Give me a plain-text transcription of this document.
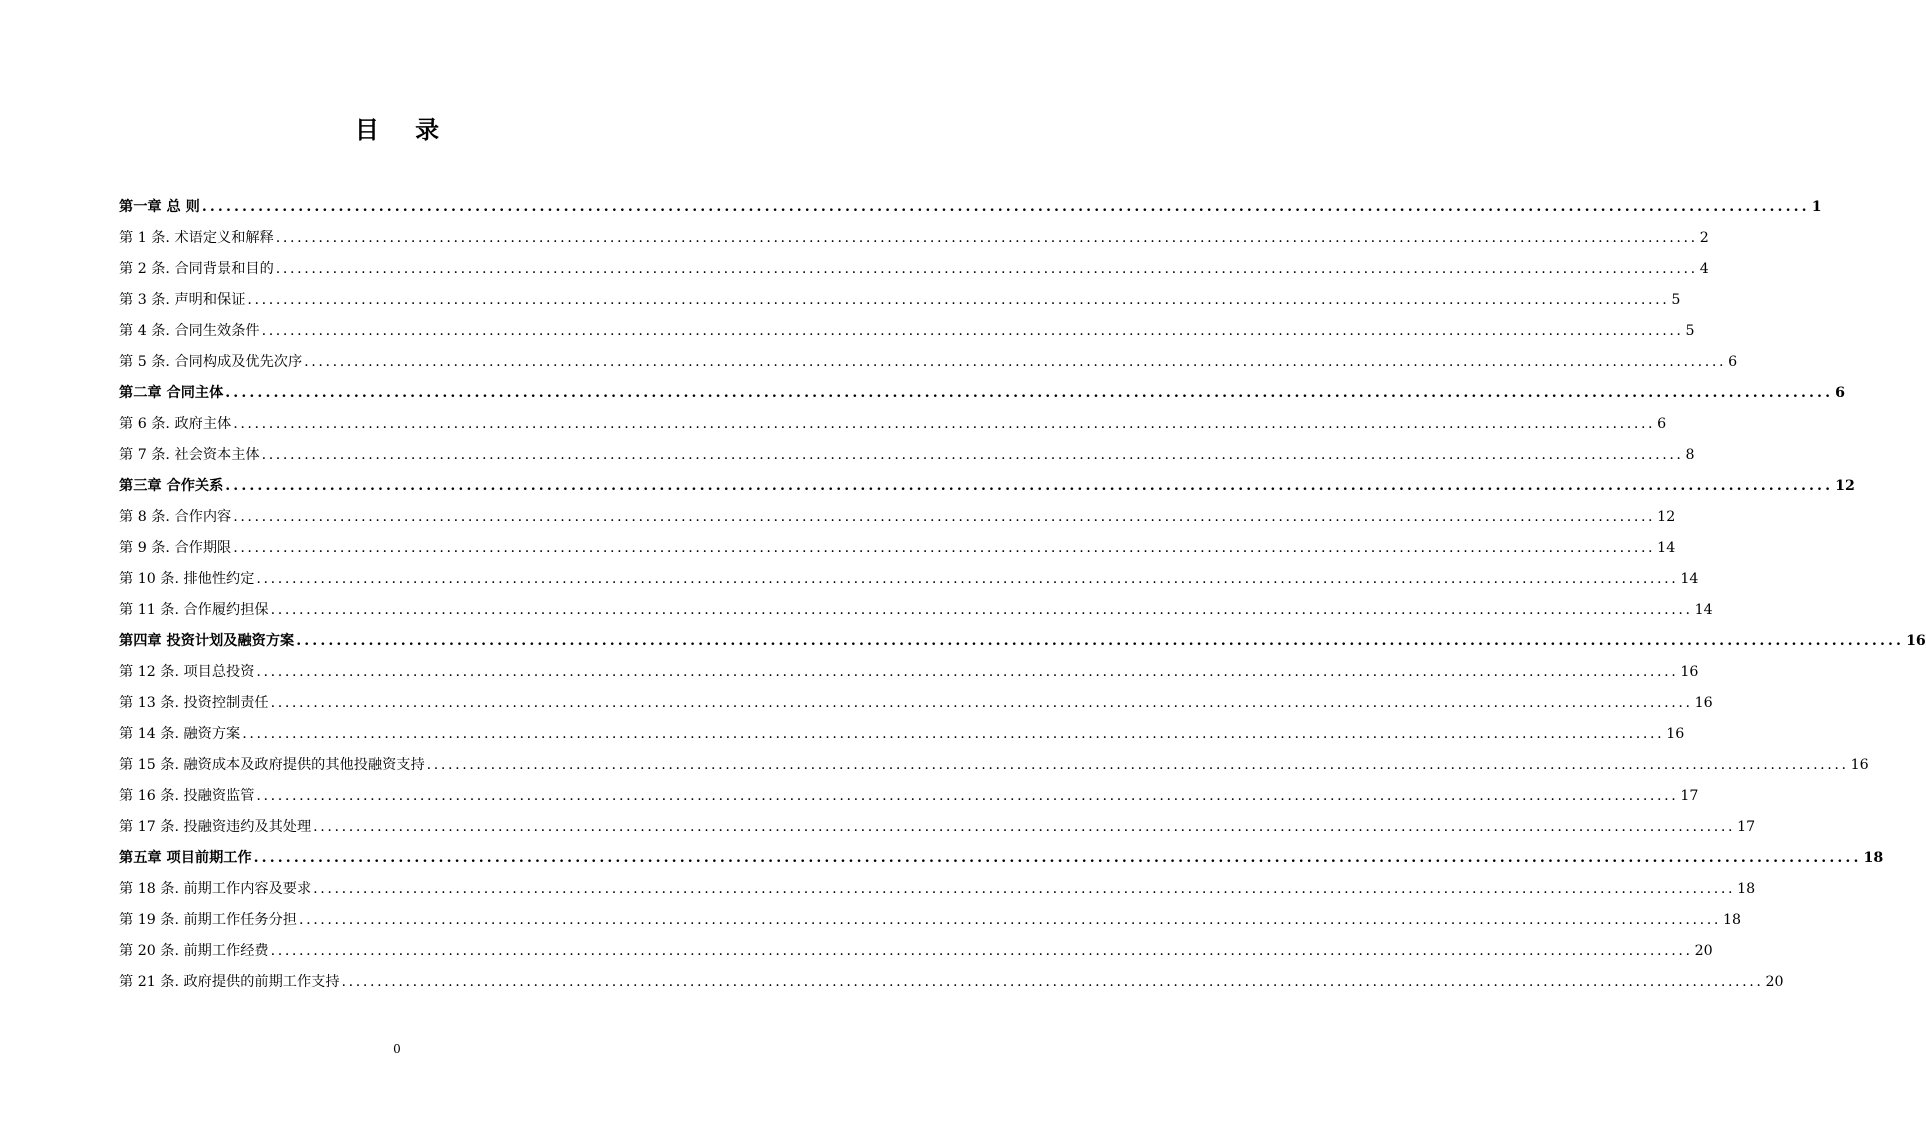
目 录
第一章 总 则 ........................................................................................................................................................................................................ 1
第 1 条. 术语定义和解释 ........................................................................................................................................................................................................ 2
第 2 条. 合同背景和目的 ........................................................................................................................................................................................................ 4
第 3 条. 声明和保证 ........................................................................................................................................................................................................ 5
第 4 条. 合同生效条件 ........................................................................................................................................................................................................ 5
第 5 条. 合同构成及优先次序 ........................................................................................................................................................................................................ 6
第二章 合同主体 ........................................................................................................................................................................................................ 6
第 6 条. 政府主体 ........................................................................................................................................................................................................ 6
第 7 条. 社会资本主体 ........................................................................................................................................................................................................ 8
第三章 合作关系 ........................................................................................................................................................................................................ 12
第 8 条. 合作内容 ........................................................................................................................................................................................................ 12
第 9 条. 合作期限 ........................................................................................................................................................................................................ 14
第 10 条. 排他性约定 ........................................................................................................................................................................................................ 14
第 11 条. 合作履约担保 ........................................................................................................................................................................................................ 14
第四章 投资计划及融资方案 ........................................................................................................................................................................................................ 16
第 12 条. 项目总投资 ........................................................................................................................................................................................................ 16
第 13 条. 投资控制责任 ........................................................................................................................................................................................................ 16
第 14 条. 融资方案 ........................................................................................................................................................................................................ 16
第 15 条. 融资成本及政府提供的其他投融资支持 ........................................................................................................................................................................................................ 16
第 16 条. 投融资监管 ........................................................................................................................................................................................................ 17
第 17 条. 投融资违约及其处理 ........................................................................................................................................................................................................ 17
第五章 项目前期工作 ........................................................................................................................................................................................................ 18
第 18 条. 前期工作内容及要求 ........................................................................................................................................................................................................ 18
第 19 条. 前期工作任务分担 ........................................................................................................................................................................................................ 18
第 20 条. 前期工作经费 ........................................................................................................................................................................................................ 20
第 21 条. 政府提供的前期工作支持 ........................................................................................................................................................................................................ 20
0
